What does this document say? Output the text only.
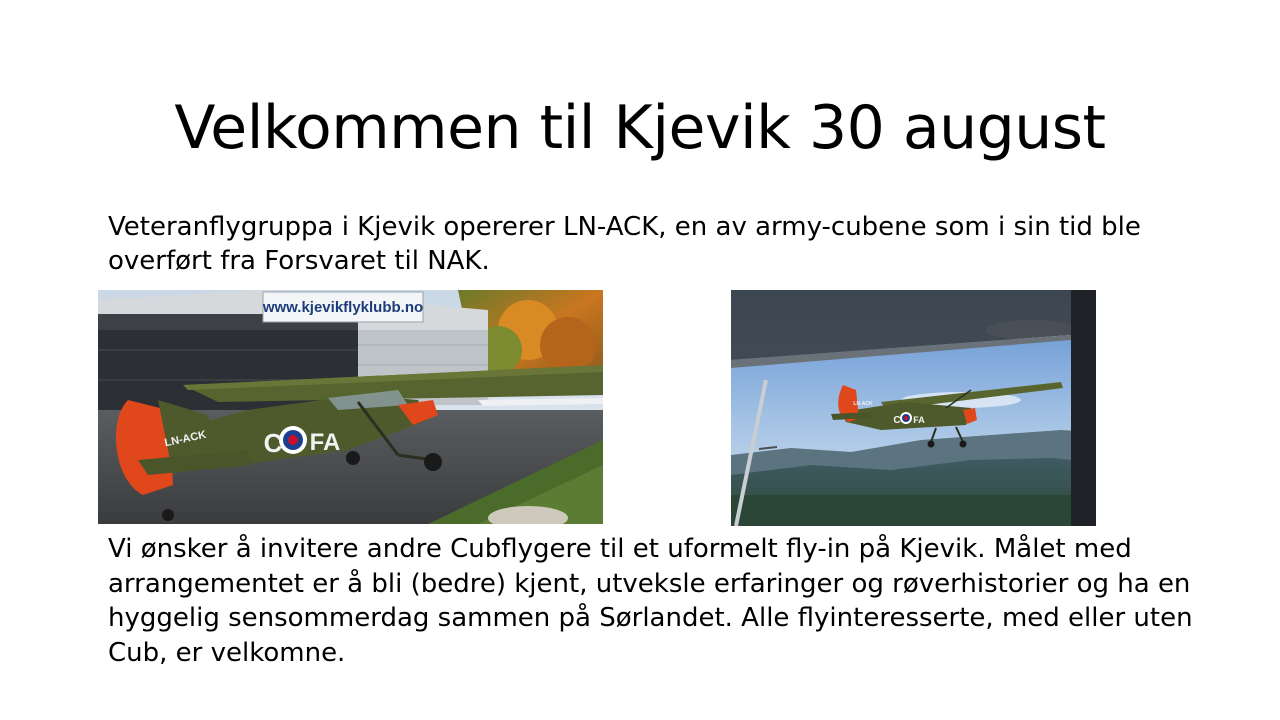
Velkommen til Kjevik 30 august

Veteranflygruppa i Kjevik opererer LN-ACK, en av army-cubene som i sin tid ble overført fra Forsvaret til NAK.

www.kjevikflyklubb.no
C FA
LN-ACK
C FA
LN-ACK

Vi ønsker å invitere andre Cubflygere til et uformelt fly-in på Kjevik. Målet med arrangementet er å bli (bedre) kjent, utveksle erfaringer og røverhistorier og ha en hyggelig sensommerdag sammen på Sørlandet. Alle flyinteresserte, med eller uten Cub, er velkomne.
